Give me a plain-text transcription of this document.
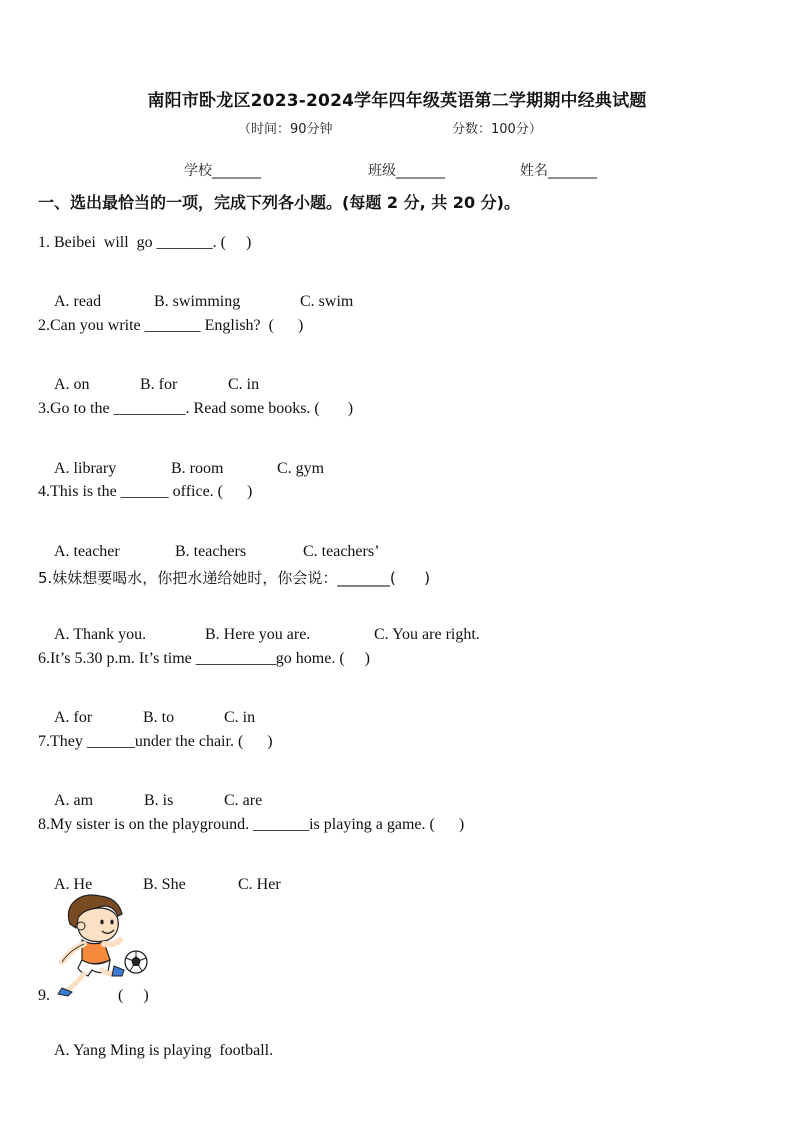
南阳市卧龙区2023-2024学年四年级英语第二学期期中经典试题
（时间：90分钟	分数：100分）
学校_______	班级_______	姓名_______
一、选出最恰当的一项，完成下列各小题。(每题 2 分, 共 20 分)。
1. Beibei  will  go _______. (     )

A. read	B. swimming	C. swim

2.Can you write _______ English?  (      )

A. on	B. for	C. in

3.Go to the _________. Read some books. (       )

A. library	B. room	C. gym

4.This is the ______ office. (      )

A. teacher	B. teachers	C. teachers’

5.妹妹想要喝水，你把水递给她时，你会说：_______(      )

A. Thank you.	B. Here you are.	C. You are right.

6.It’s 5.30 p.m. It’s time __________go home. (     )

A. for	B. to	C. in

7.They ______under the chair. (      )

A. am	B. is	C. are

8.My sister is on the playground. _______is playing a game. (      )

A. He	B. She	C. Her

9.                 (     )

A. Yang Ming is playing  football.
